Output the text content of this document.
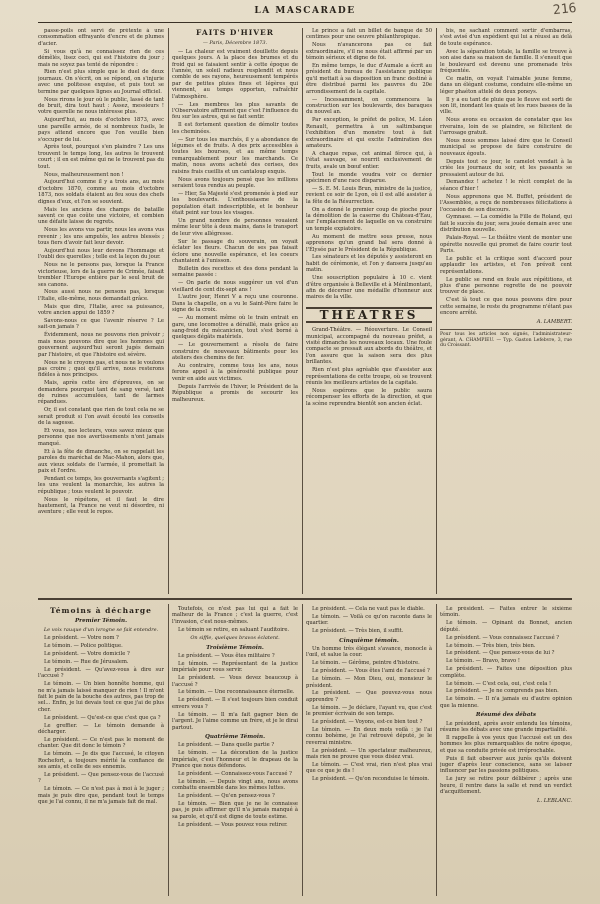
LA MASCARADE	216

passe-poils ont servi de prétexte à une consommation effrayante d'encre et de plumes d'acier.

Si vous qu'à ne connaissez rien de ces démêlés, lisez ceci, qui est l'histoire du jour ; mais ne soyez pas tenté de répondre :

Rien n'est plus simple que le duel de deux journaux. On s'écrit, on se répond, on s'injurie avec une politesse exquise, et puis tout se termine par quelques lignes au Journal officiel.

Nous rirons le jour où le public, lassé de tant de bruit, dira tout haut : Assez, messieurs ! votre querelle ne nous intéresse plus.

Aujourd'hui, au mois d'octobre 1873, avec une pareille armée, de si nombreux fusils, le pays attend encore que l'on veuille bien s'occuper de lui.

Après tout, pourquoi s'en plaindre ? Les uns trouvent le temps long, les autres le trouvent court ; il en est même qui ne le trouvent pas du tout.

Nous, malheureusement non !

Aujourd'hui comme il y a trois ans, au mois d'octobre 1870, comme au mois d'octobre 1873, nos soldats étaient au feu sous des chefs dignes d'eux, et l'on se souvient.

Mais les anciens des champs de bataille savent ce que coûte une victoire, et combien une défaite laisse de regrets.

Nous les avons vus partir, nous les avons vus revenir ; les uns amputés, les autres blessés ; tous fiers d'avoir fait leur devoir.

Aujourd'hui nous leur devons l'hommage et l'oubli des querelles ; telle est la leçon du jour.

Nous ne le pensons pas, lorsque la France victorieuse, lors de la guerre de Crimée, faisait trembler l'Europe entière par le seul bruit de ses canons.

Nous aussi nous ne pensons pas, lorsque l'Italie, elle-même, nous demandait grâce.

Mais que dire, l'Italie, avec sa puissance, votre ancien appui de 1859 ?

Savons-nous ce que l'avenir réserve ? Le sait-on jamais ?

Évidemment, nous ne pouvons rien prévoir ; mais nous pouvons dire que les hommes qui gouvernent aujourd'hui seront jugés demain par l'histoire, et que l'histoire est sévère.

Nous ne le croyons pas, et nous ne le voulons pas croire ; quoi qu'il arrive, nous resterons fidèles à nos principes.

Mais, après cette ère d'épreuves, on se demandera pourquoi tant de sang versé, tant de ruines accumulées, tant de larmes répandues.

Or, il est constant que rien de tout cela ne se serait produit si l'on avait écouté les conseils de la sagesse.

Et vous, nos lecteurs, vous savez mieux que personne que nos avertissements n'ont jamais manqué.

Et à la fête de dimanche, on se rappelait les paroles du maréchal de Mac-Mahon, alors que, aux vieux soldats de l'armée, il promettait la paix et l'ordre.

Pendant ce temps, les gouvernants s'agitent ; les uns veulent la monarchie, les autres la république ; tous veulent le pouvoir.

Nous le répétons, et il faut le dire hautement, la France ne veut ni désordre, ni aventure ; elle veut le repos.

FAITS D'HIVER
— Paris, Décembre 1873.

— La chaleur est vraiment douillette depuis quelques jours. A la place des brumes et du froid qui se faisaient sentir à cette époque de l'année, un soleil radieux resplendit et nous comble de ses rayons, heureusement tempérés par de petites pluies fines et légères qui viennent, au temps opportun, rafraîchir l'atmosphère.

— Les membres les plus savants de l'Observatoire affirment que c'est l'influence du feu sur les astres, qui se fait sentir.

Il est fortement question de démolir toutes les cheminées.

— Sur tous les marchés, il y a abondance de légumes et de fruits. A des prix accessibles à toutes les bourses, et au même temps remarquablement pour les marchands. Ce matin, nous avons acheté des cerises, des raisins frais cueillis et un cantaloup exquis.

Nous avons toujours pensé que les millions seraient tous rendus au peuple.

— Hier, Sa Majesté s'est promenée à pied sur les boulevards. L'enthousiasme de la population était indescriptible, et le bonheur était peint sur tous les visages.

Un grand nombre de personnes vouaient même leur tête à deux mains, dans le transport de leur vive allégresse.

Sur le passage du souverain, on voyait éclater les fleurs. Chacun de ses pas faisait éclore une nouvelle espérance, et les coeurs chantaient à l'unisson.

Bulletin des recettes et des dons pendant la semaine passée :

— On parle de nous suggérer un vol d'un vieillard de cent dix-sept ans !

L'autre jour, Henri V a reçu une couronne. Dans la chapelle, on a vu le Saint-Père faire le signe de la croix.

— Au moment même où le train entrait en gare, une locomotive a déraillé, mais grâce au sang-froid du mécanicien, tout s'est borné à quelques dégâts matériels.

— Le gouvernement a résolu de faire construire de nouveaux bâtiments pour les ateliers des chemins de fer.

Au contraire, comme tous les ans, nous ferons appel à la générosité publique pour venir en aide aux victimes.

Depuis l'arrivée de l'hiver, le Président de la République a promis de secourir les malheureux.

Le prince a fait un billet de banque de 50 centimes pour une oeuvre philanthropique.

Nous n'avancerons pas ce fait extraordinaire, s'il ne nous était affirmé par un témoin sérieux et digne de foi.

En même temps, le duc d'Aumale a écrit au président du bureau de l'assistance publique qu'il mettait à sa disposition un franc destiné à être distribué parmi les pauvres du 20e arrondissement de la capitale.

— Incessamment, on commencera la construction sur les boulevards, des baraques du nouvel an.

Par exception, le préfet de police, M. Léon Renault, permettra à un saltimbanque l'exhibition d'un monstre tout à fait extraordinaire et qui excite l'admiration des amateurs.

A chaque repas, cet animal féroce qui, à l'état sauvage, se nourrit exclusivement de fruits, avale un bœuf entier.

Tout le monde voudra voir ce dernier spécimen d'une race disparue.

— S. E. M. Louis Brun, ministre de la justice, revient ce soir de Lyon, où il est allé assister à la fête de la Résurrection.

On a donné le premier coup de pioche pour la démolition de la caserne du Château-d'Eau, sur l'emplacement de laquelle on va construire un temple expiatoire.

Au moment de mettre sous presse, nous apprenons qu'un grand bal sera donné à l'Élysée par le Président de la République.

Les sénateurs et les députés y assisteront en habit de cérémonie, et l'on y dansera jusqu'au matin.

Une souscription populaire à 10 c. vient d'être organisée à Belleville et à Ménilmontant, afin de décerner une médaille d'honneur aux maires de la ville.

THÉATRES

Grand-Théâtre. — Réouverture. Le Conseil municipal, accompagné du nouveau préfet, a visité dimanche les nouveaux locaux. Une foule compacte se pressait aux abords du théâtre, et l'on assure que la saison sera des plus brillantes.

Rien n'est plus agréable que d'assister aux représentations de cette troupe, où se trouvent réunis les meilleurs artistes de la capitale.

Nous espérons que le public saura récompenser les efforts de la direction, et que la scène reprendra bientôt son ancien éclat.

bis, ne sachant comment sortir d'embarras, s'est avisé d'un expédient qui lui a réussi au delà de toute espérance.

Avec la séparation totale, la famille se trouve à son aise dans sa maison de famille. Il s'ensuit que le boulevard est devenu une promenade très fréquentée.

Ce matin, on voyait l'aimable jeune femme, dans un élégant costume, conduire elle-même un léger phaéton attelé de deux poneys.

Il y a eu tant de pluie que le fleuve est sorti de son lit, inondant les quais et les rues basses de la ville.

Nous avons eu occasion de constater que les riverains, loin de se plaindre, se félicitent de l'arrosage gratuit.

Nous nous sommes laissé dire que le Conseil municipal se propose de faire construire de nouveaux égouts.

Depuis tout ce jour, le camelot vendait à la criée les journaux du soir, et les passants se pressaient autour de lui.

Demandez ! achetez ! le récit complet de la séance d'hier !

Nous apprenons que M. Buffet, président de l'Assemblée, a reçu de nombreuses félicitations à l'occasion de son discours.

Gymnase. — La comédie la Fille de Roland, qui fait le succès du jour, sera jouée demain avec une distribution nouvelle.

Palais-Royal. — Le théâtre vient de monter une opérette nouvelle qui promet de faire courir tout Paris.

Le public et la critique sont d'accord pour applaudir les artistes, et l'on prévoit cent représentations.

Le public se rend en foule aux répétitions, et plus d'une personne regrette de ne pouvoir trouver de place.

C'est là tout ce que nous pouvons dire pour cette semaine, le reste du programme n'étant pas encore arrêté.

A. LAMBERT.
Pour tous les articles non signés, l'administrateur-gérant, A. CHAMPIEU. — Typ. Gaston Lefebvre, 3, rue du Croissant.
Témoins à décharge
Premier Témoin.
Le voix rauque d'un ivrogne se fait entendre.

Le président. — Votre nom ?

Le témoin. — Police politique.

Le président. — Votre domicile ?

Le témoin. — Rue de Jérusalem.

Le président. — Qu'avez-vous à dire sur l'accusé ?

Le témoin. — Un bien honnête homme, qui ne m'a jamais laissé manquer de rien ! Il m'ont fait le pain de la bouche des autres, pas trop de sel... Enfin, je lui devais tout ce que j'ai de plus cher.

Le président. — Qu'est-ce que c'est que ça ?

Le greffier. — Le témoin demande à décharger.

Le président. — Ce n'est pas le moment de chanter. Que dit donc le témoin ?

Le témoin. — Je dis que l'accusé, le citoyen Rochefort, a toujours mérité la confiance de ses amis, et celle de ses ennemis.

Le président. — Que pensez-vous de l'accusé ?

Le témoin. — Ce n'est pas à moi à le juger ; mais je puis dire que, pendant tout le temps que je l'ai connu, il ne m'a jamais fait de mal.

Toutefois, ce n'est pas lui qui a fait le malheur de la France ; c'est la guerre, c'est l'invasion, c'est nous-mêmes.

Le témoin se retire, en saluant l'auditoire.

On siffle, quelques bravos éclatent.
Troisième Témoin.

Le président. — Vous êtes militaire ?

Le témoin. — Représentant de la justice impériale pour vous servir.

Le président. — Vous devez beaucoup à l'accusé ?

Le témoin. — Une reconnaissance éternelle.

Le président. — Il s'est toujours bien conduit envers vous ?

Le témoin. — Il m'a fait gagner bien de l'argent. Je l'aime comme un frère, et je le dirai partout.

Quatrième Témoin.

Le président. — Dans quelle partie ?

Le témoin. — La décoration de la justice impériale, c'est l'honneur et le drapeau de la France que nous défendons.

Le président. — Connaissez-vous l'accusé ?

Le témoin. — Depuis vingt ans, nous avons combattu ensemble dans les mêmes luttes.

Le président. — Qu'en pensez-vous ?

Le témoin. — Bien que je ne le connaisse pas, je puis affirmer qu'il n'a jamais manqué à sa parole, et qu'il est digne de toute estime.

Le président. — Vous pouvez vous retirer.

Le président. — Cela ne vaut pas le diable.

Le témoin. — Voilà ce qu'on raconte dans le quartier.

Le président. — Très bien, il suffit.

Cinquième témoin.

Un homme très élégant s'avance, monocle à l'œil, et salue la cour.

Le témoin. — Gérôme, peintre d'histoire.

Le président. — Vous êtes l'ami de l'accusé ?

Le témoin. — Mon Dieu, oui, monsieur le président.

Le président. — Que pouvez-vous nous apprendre ?

Le témoin. — Je déclare, l'ayant vu, que c'est le premier écrivain de son temps.

Le président. — Voyons, est-ce bien tout ?

Le témoin. — En deux mots voilà : je l'ai connu bohème, je l'ai retrouvé député, je le reverrai ministre.

Le président. — Un spectateur malheureux, mais rien ne prouve que vous disiez vrai.

Le témoin. — C'est vrai, rien n'est plus vrai que ce que je dis !

Le président. — Qu'on reconduise le témoin.

Le président. — Faites entrer le sixième témoin.

Le témoin. — Opinant du Bonnet, ancien député.

Le président. — Vous connaissez l'accusé ?

Le témoin. — Très bien, très bien.

Le président. — Que pensez-vous de lui ?

Le témoin. — Bravo, bravo !

Le président. — Faites une déposition plus complète.

Le témoin. — C'est cela, oui, c'est cela !

Le président. — Je ne comprends pas bien.

Le témoin. — Il n'a jamais eu d'autre opinion que la mienne.

Résumé des débats

Le président, après avoir entendu les témoins, résume les débats avec une grande impartialité.

Il rappelle à vos yeux que l'accusé est un des hommes les plus remarquables de notre époque, et que sa conduite privée est irréprochable.

Puis il fait observer aux jurés qu'ils doivent juger d'après leur conscience, sans se laisser influencer par les passions politiques.

Le jury se retire pour délibérer ; après une heure, il rentre dans la salle et rend un verdict d'acquittement.

L. LEBLANC.
